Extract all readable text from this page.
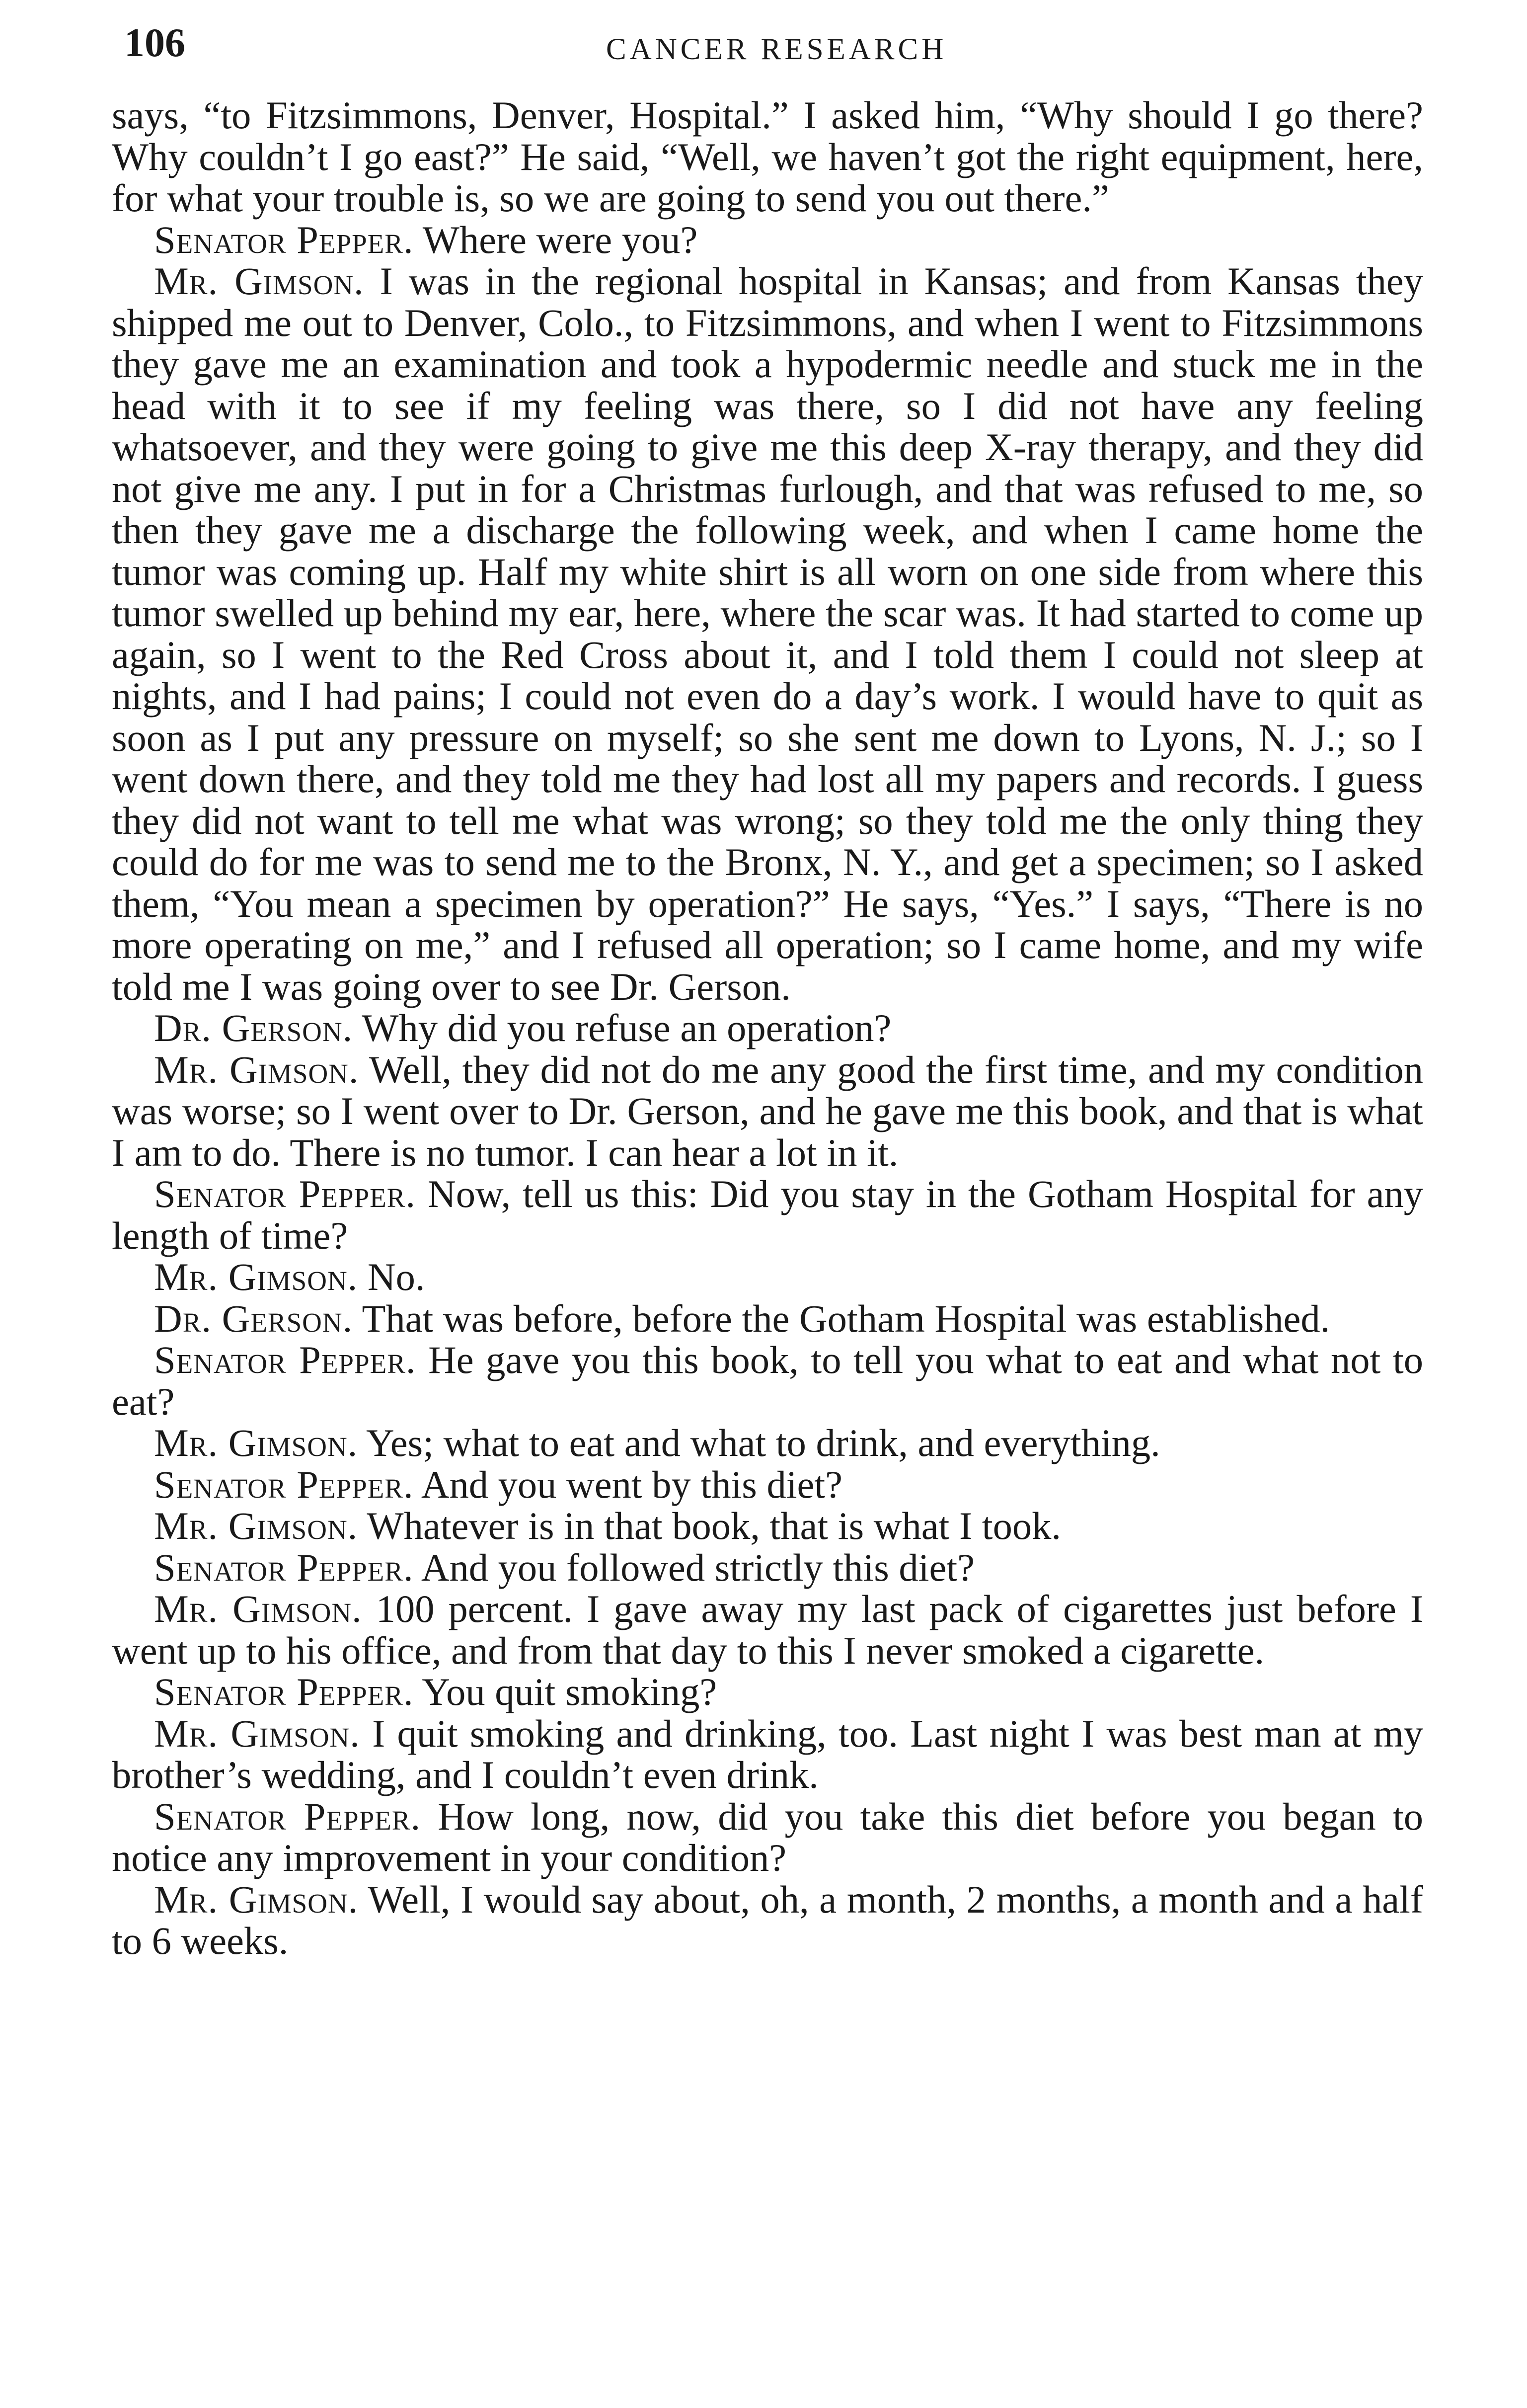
106	CANCER RESEARCH

says, “to Fitzsimmons, Denver, Hospital.” I asked him, “Why should I go there? Why couldn’t I go east?” He said, “Well, we haven’t got the right equipment, here, for what your trouble is, so we are going to send you out there.”

Senator Pepper. Where were you?

Mr. Gimson. I was in the regional hospital in Kansas; and from Kansas they shipped me out to Denver, Colo., to Fitzsimmons, and when I went to Fitzsimmons they gave me an examination and took a hypodermic needle and stuck me in the head with it to see if my feeling was there, so I did not have any feeling whatsoever, and they were going to give me this deep X-ray therapy, and they did not give me any. I put in for a Christmas furlough, and that was refused to me, so then they gave me a discharge the following week, and when I came home the tumor was coming up. Half my white shirt is all worn on one side from where this tumor swelled up behind my ear, here, where the scar was. It had started to come up again, so I went to the Red Cross about it, and I told them I could not sleep at nights, and I had pains; I could not even do a day’s work. I would have to quit as soon as I put any pressure on myself; so she sent me down to Lyons, N. J.; so I went down there, and they told me they had lost all my papers and records. I guess they did not want to tell me what was wrong; so they told me the only thing they could do for me was to send me to the Bronx, N. Y., and get a specimen; so I asked them, “You mean a specimen by operation?” He says, “Yes.” I says, “There is no more operating on me,” and I refused all operation; so I came home, and my wife told me I was going over to see Dr. Gerson.

Dr. Gerson. Why did you refuse an operation?

Mr. Gimson. Well, they did not do me any good the first time, and my condition was worse; so I went over to Dr. Gerson, and he gave me this book, and that is what I am to do. There is no tumor. I can hear a lot in it.

Senator Pepper. Now, tell us this: Did you stay in the Gotham Hospital for any length of time?

Mr. Gimson. No.

Dr. Gerson. That was before, before the Gotham Hospital was established.

Senator Pepper. He gave you this book, to tell you what to eat and what not to eat?

Mr. Gimson. Yes; what to eat and what to drink, and everything.

Senator Pepper. And you went by this diet?

Mr. Gimson. Whatever is in that book, that is what I took.

Senator Pepper. And you followed strictly this diet?

Mr. Gimson. 100 percent. I gave away my last pack of cigarettes just before I went up to his office, and from that day to this I never smoked a cigarette.

Senator Pepper. You quit smoking?

Mr. Gimson. I quit smoking and drinking, too. Last night I was best man at my brother’s wedding, and I couldn’t even drink.

Senator Pepper. How long, now, did you take this diet before you began to notice any improvement in your condition?

Mr. Gimson. Well, I would say about, oh, a month, 2 months, a month and a half to 6 weeks.
